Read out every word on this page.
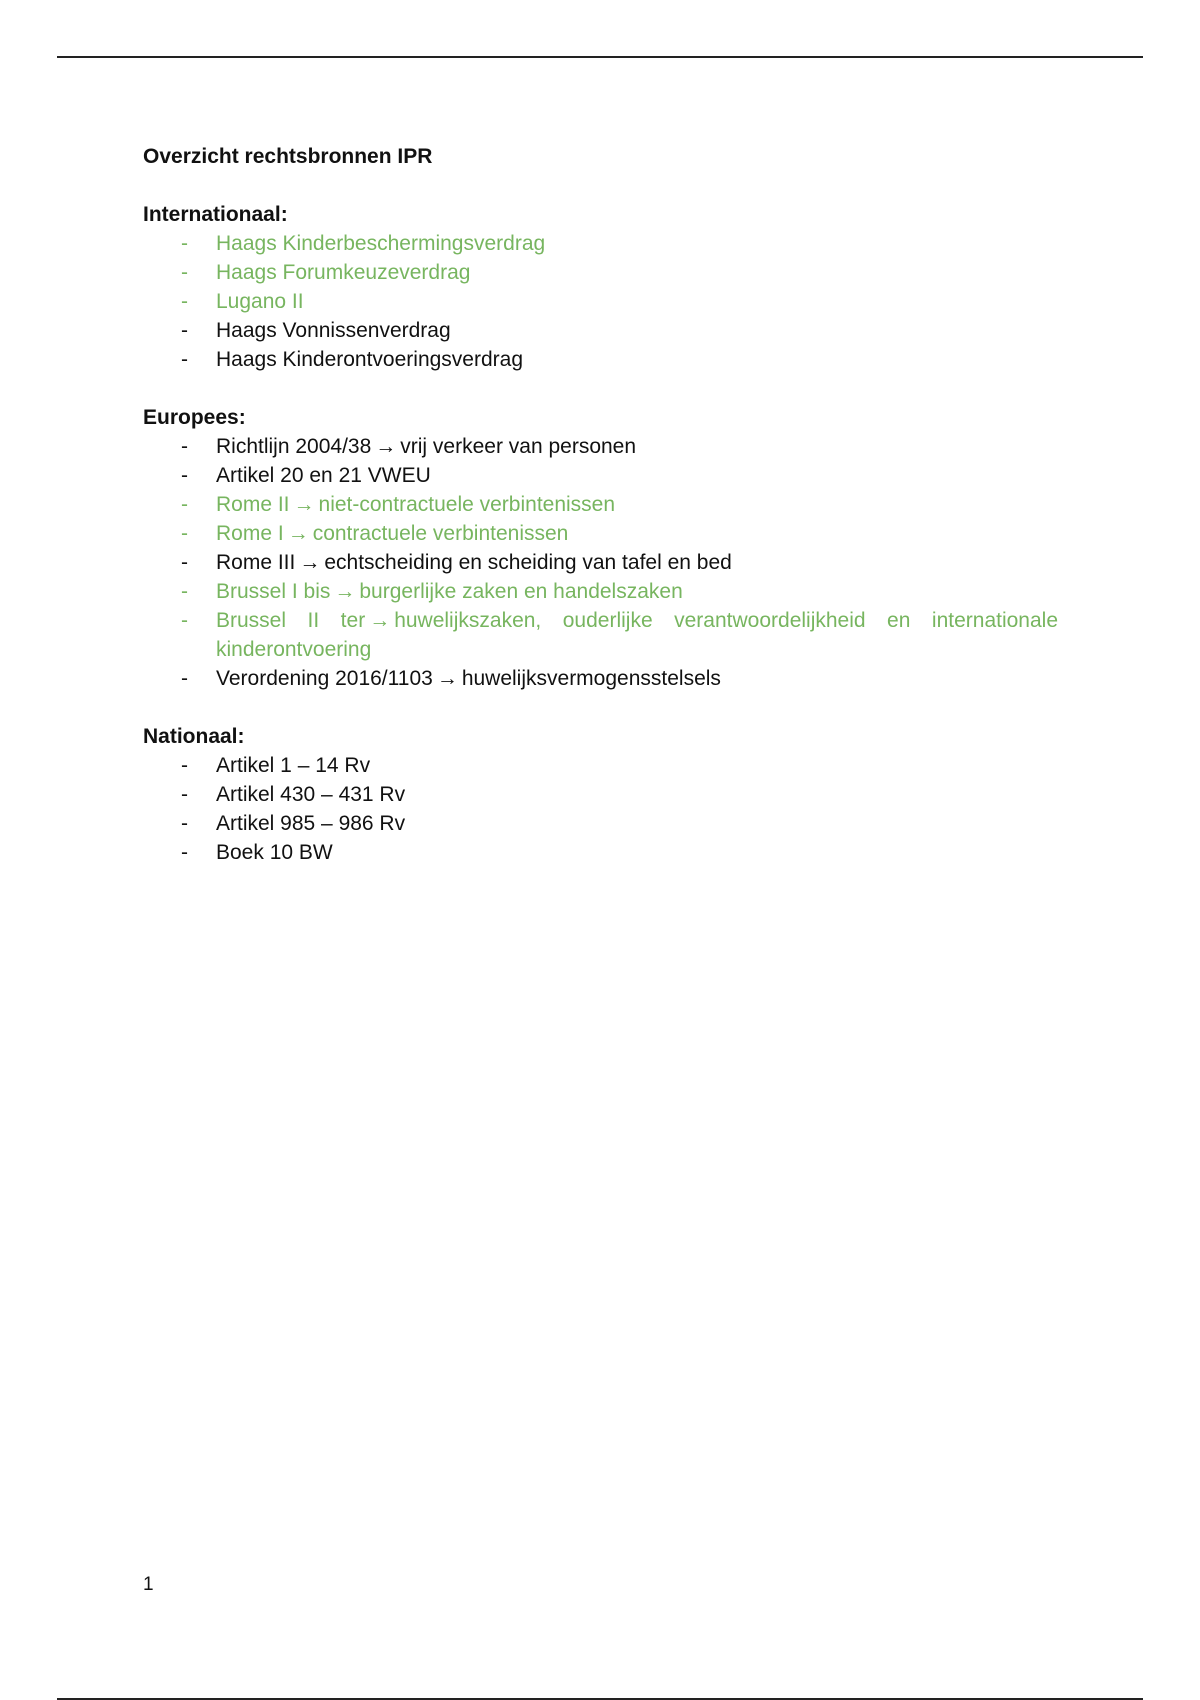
Overzicht rechtsbronnen IPR
Internationaal:
- Haags Kinderbeschermingsverdrag
- Haags Forumkeuzeverdrag
- Lugano II
- Haags Vonnissenverdrag
- Haags Kinderontvoeringsverdrag
Europees:
- Richtlijn 2004/38 → vrij verkeer van personen
- Artikel 20 en 21 VWEU
- Rome II → niet-contractuele verbintenissen
- Rome I → contractuele verbintenissen
- Rome III → echtscheiding en scheiding van tafel en bed
- Brussel I bis → burgerlijke zaken en handelszaken
- Brussel II ter → huwelijkszaken, ouderlijke verantwoordelijkheid en internationale kinderontvoering
- Verordening 2016/1103 → huwelijksvermogensstelsels
Nationaal:
- Artikel 1 – 14 Rv
- Artikel 430 – 431 Rv
- Artikel 985 – 986 Rv
- Boek 10 BW
1
